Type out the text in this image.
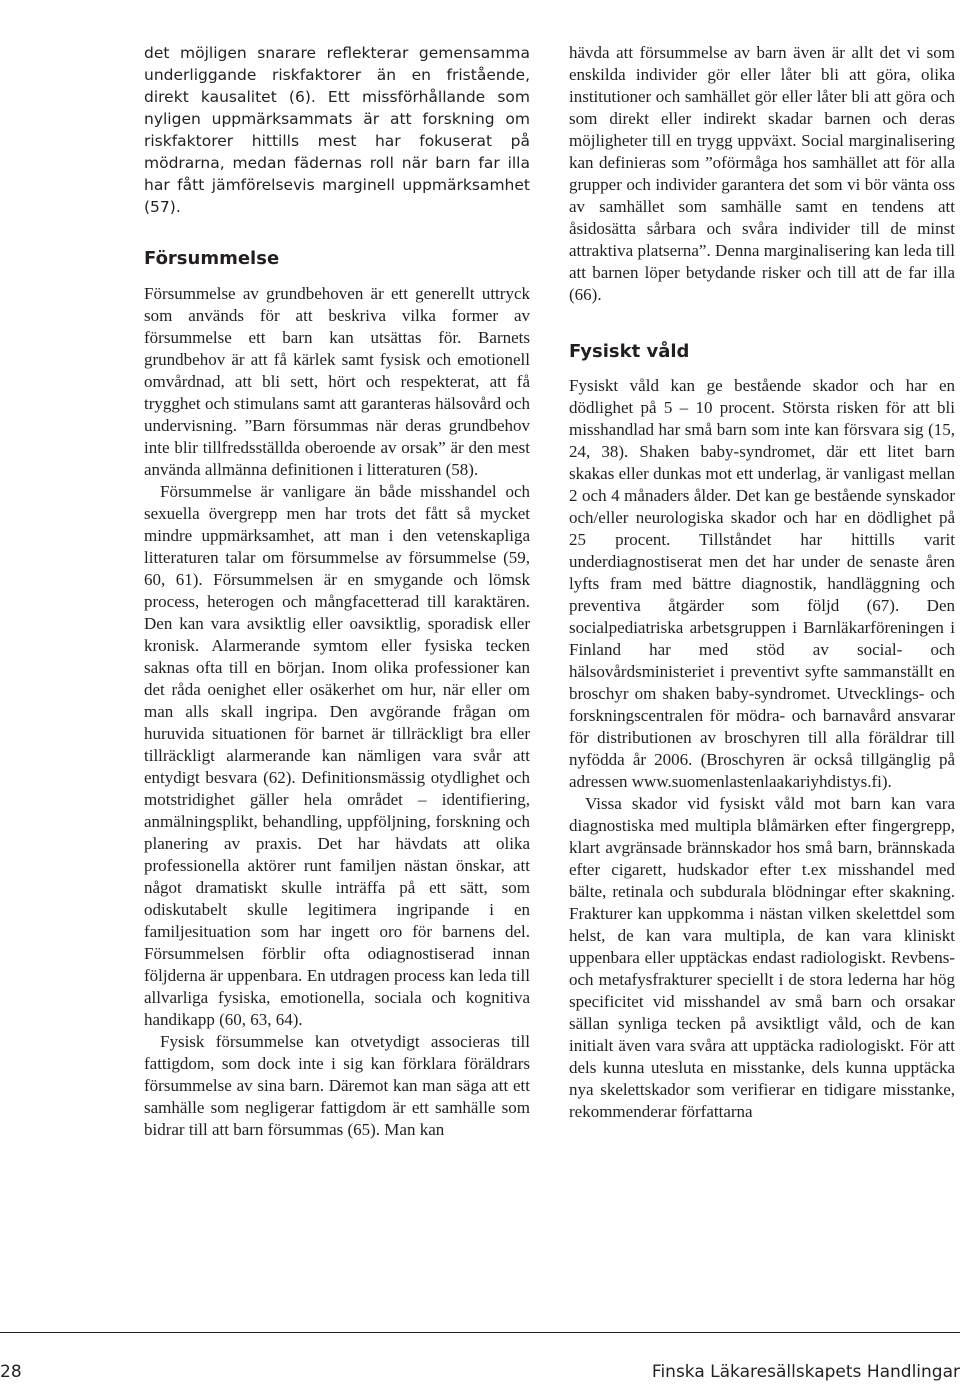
det möjligen snarare reflekterar gemensamma underliggande riskfaktorer än en fristående, direkt kausalitet (6). Ett missförhållande som nyligen uppmärksammats är att forskning om riskfaktorer hittills mest har fokuserat på mödrarna, medan fädernas roll när barn far illa har fått jämförelsevis marginell uppmärksamhet (57).

Försummelse

Försummelse av grundbehoven är ett generellt uttryck som används för att beskriva vilka former av försummelse ett barn kan utsättas för. Barnets grundbehov är att få kärlek samt fysisk och emotionell omvårdnad, att bli sett, hört och respekterat, att få trygghet och stimulans samt att garanteras hälsovård och undervisning. ”Barn försummas när deras grundbehov inte blir tillfredsställda oberoende av orsak” är den mest använda allmänna definitionen i litteraturen (58).

Försummelse är vanligare än både misshandel och sexuella övergrepp men har trots det fått så mycket mindre uppmärksamhet, att man i den vetenskapliga litteraturen talar om försummelse av försummelse (59, 60, 61). Försummelsen är en smygande och lömsk process, heterogen och mångfacetterad till karaktären. Den kan vara avsiktlig eller oavsiktlig, sporadisk eller kronisk. Alarmerande symtom eller fysiska tecken saknas ofta till en början. Inom olika professioner kan det råda oenighet eller osäkerhet om hur, när eller om man alls skall ingripa. Den avgörande frågan om huruvida situationen för barnet är tillräckligt bra eller tillräckligt alarmerande kan nämligen vara svår att entydigt besvara (62). Definitionsmässig otydlighet och motstridighet gäller hela området – identifiering, anmälningsplikt, behandling, uppföljning, forskning och planering av praxis. Det har hävdats att olika professionella aktörer runt familjen nästan önskar, att något dramatiskt skulle inträffa på ett sätt, som odiskutabelt skulle legitimera ingripande i en familjesituation som har ingett oro för barnens del. Försummelsen förblir ofta odiagnostiserad innan följderna är uppenbara. En utdragen process kan leda till allvarliga fysiska, emotionella, sociala och kognitiva handikapp (60, 63, 64).

Fysisk försummelse kan otvetydigt associeras till fattigdom, som dock inte i sig kan förklara föräldrars försummelse av sina barn. Däremot kan man säga att ett samhälle som negligerar fattigdom är ett samhälle som bidrar till att barn försummas (65). Man kan

hävda att försummelse av barn även är allt det vi som enskilda individer gör eller låter bli att göra, olika institutioner och samhället gör eller låter bli att göra och som direkt eller indirekt skadar barnen och deras möjligheter till en trygg uppväxt. Social marginalisering kan definieras som ”oförmåga hos samhället att för alla grupper och individer garantera det som vi bör vänta oss av samhället som samhälle samt en tendens att åsidosätta sårbara och svåra individer till de minst attraktiva platserna”. Denna marginalisering kan leda till att barnen löper betydande risker och till att de far illa (66).

Fysiskt våld

Fysiskt våld kan ge bestående skador och har en dödlighet på 5 – 10 procent. Största risken för att bli misshandlad har små barn som inte kan försvara sig (15, 24, 38). Shaken baby-syndromet, där ett litet barn skakas eller dunkas mot ett underlag, är vanligast mellan 2 och 4 månaders ålder. Det kan ge bestående synskador och/eller neurologiska skador och har en dödlighet på 25 procent. Tillståndet har hittills varit underdiagnostiserat men det har under de senaste åren lyfts fram med bättre diagnostik, handläggning och preventiva åtgärder som följd (67). Den socialpediatriska arbetsgruppen i Barnläkarföreningen i Finland har med stöd av social- och hälsovårdsministeriet i preventivt syfte sammanställt en broschyr om shaken baby-syndromet. Utvecklings- och forskningscentralen för mödra- och barnavård ansvarar för distributionen av broschyren till alla föräldrar till nyfödda år 2006. (Broschyren är också tillgänglig på adressen www.suomenlastenlaakariyhdistys.fi).

Vissa skador vid fysiskt våld mot barn kan vara diagnostiska med multipla blåmärken efter fingergrepp, klart avgränsade brännskador hos små barn, brännskada efter cigarett, hudskador efter t.ex misshandel med bälte, retinala och subdurala blödningar efter skakning. Frakturer kan uppkomma i nästan vilken skelettdel som helst, de kan vara multipla, de kan vara kliniskt uppenbara eller upptäckas endast radiologiskt. Revbens- och metafysfrakturer speciellt i de stora lederna har hög specificitet vid misshandel av små barn och orsakar sällan synliga tecken på avsiktligt våld, och de kan initialt även vara svåra att upptäcka radiologiskt. För att dels kunna utesluta en misstanke, dels kunna upptäcka nya skelettskador som verifierar en tidigare misstanke, rekommenderar författarna

28	Finska Läkaresällskapets Handlingar
